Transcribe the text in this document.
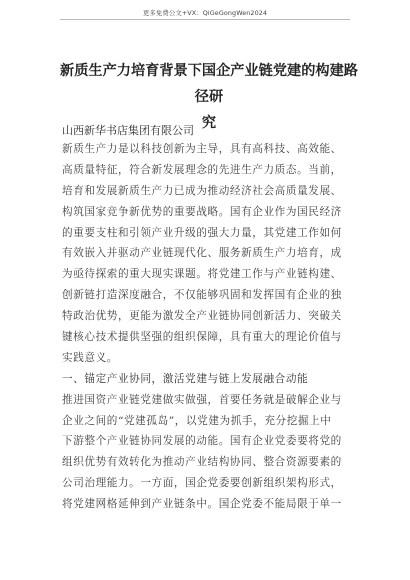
更多免费公文+VX：QiGeGongWen2024
新质生产力培育背景下国企产业链党建的构建路径研
究

山西新华书店集团有限公司

新质生产力是以科技创新为主导，具有高科技、高效能、
高质量特征，符合新发展理念的先进生产力质态。当前，
培育和发展新质生产力已成为推动经济社会高质量发展、
构筑国家竞争新优势的重要战略。国有企业作为国民经济
的重要支柱和引领产业升级的强大力量，其党建工作如何
有效嵌入并驱动产业链现代化、服务新质生产力培育，成
为亟待探索的重大现实课题。将党建工作与产业链构建、
创新链打造深度融合，不仅能够巩固和发挥国有企业的独
特政治优势，更能为激发全产业链协同创新活力、突破关
键核心技术提供坚强的组织保障，具有重大的理论价值与
实践意义。
一、锚定产业协同，激活党建与链上发展融合动能
推进国资产业链党建做实做强，首要任务就是破解企业与
企业之间的“党建孤岛”，以党建为抓手，充分挖掘上中
下游整个产业链协同发展的动能。国有企业党委要将党的
组织优势有效转化为推动产业结构协同、整合资源要素的
公司治理能力。一方面，国企党委要创新组织架构形式，
将党建网格延伸到产业链条中。国企党委不能局限于单一
